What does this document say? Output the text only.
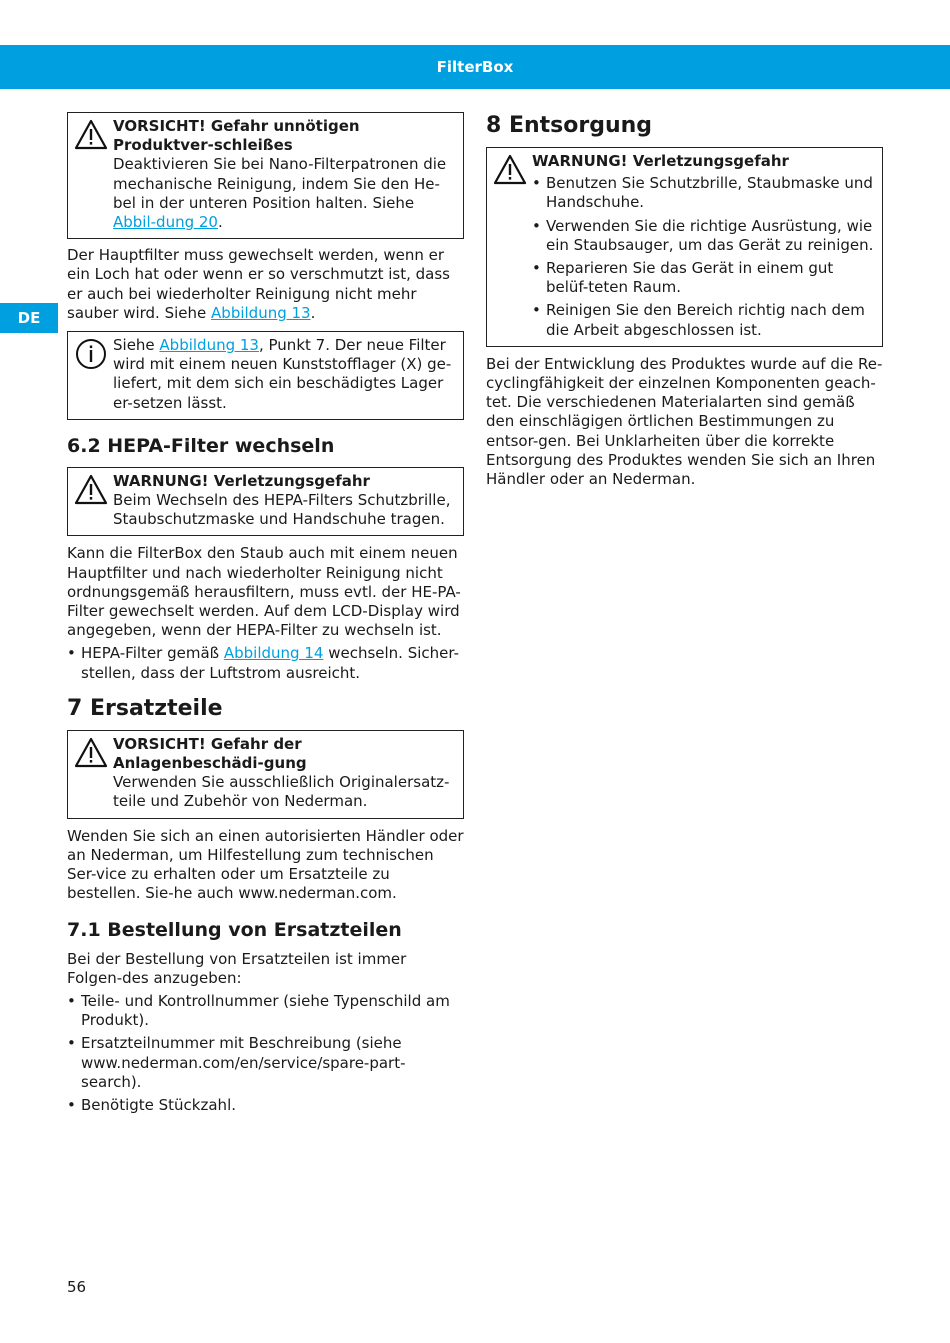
FilterBox
DE

VORSICHT! Gefahr unnötigen Produktver-schleißes

Deaktivieren Sie bei Nano-Filterpatronen die mechanische Reinigung, indem Sie den He-bel in der unteren Position halten. Siehe Abbil-dung 20.

Der Hauptfilter muss gewechselt werden, wenn er ein Loch hat oder wenn er so verschmutzt ist, dass er auch bei wiederholter Reinigung nicht mehr sauber wird. Siehe Abbildung 13.

Siehe Abbildung 13, Punkt 7. Der neue Filter wird mit einem neuen Kunststofflager (X) ge-liefert, mit dem sich ein beschädigtes Lager er-setzen lässt.

6.2 HEPA-Filter wechseln

WARNUNG! Verletzungsgefahr

Beim Wechseln des HEPA-Filters Schutzbrille, Staubschutzmaske und Handschuhe tragen.

Kann die FilterBox den Staub auch mit einem neuen Hauptfilter und nach wiederholter Reinigung nicht ordnungsgemäß herausfiltern, muss evtl. der HE-PA-Filter gewechselt werden. Auf dem LCD-Display wird angegeben, wenn der HEPA-Filter zu wechseln ist.

• HEPA-Filter gemäß Abbildung 14 wechseln. Sicher-stellen, dass der Luftstrom ausreicht.
7 Ersatzteile

VORSICHT! Gefahr der Anlagenbeschädi-gung

Verwenden Sie ausschließlich Originalersatz-teile und Zubehör von Nederman.

Wenden Sie sich an einen autorisierten Händler oder an Nederman, um Hilfestellung zum technischen Ser-vice zu erhalten oder um Ersatzteile zu bestellen. Sie-he auch www.nederman.com.

7.1 Bestellung von Ersatzteilen

Bei der Bestellung von Ersatzteilen ist immer Folgen-des anzugeben:

• Teile- und Kontrollnummer (siehe Typenschild am Produkt).
• Ersatzteilnummer mit Beschreibung (siehe www.nederman.com/en/service/spare-part-search).
• Benötigte Stückzahl.
8 Entsorgung

WARNUNG! Verletzungsgefahr

• Benutzen Sie Schutzbrille, Staubmaske und Handschuhe.
• Verwenden Sie die richtige Ausrüstung, wie ein Staubsauger, um das Gerät zu reinigen.
• Reparieren Sie das Gerät in einem gut belüf-teten Raum.
• Reinigen Sie den Bereich richtig nach dem die Arbeit abgeschlossen ist.

Bei der Entwicklung des Produktes wurde auf die Re-cyclingfähigkeit der einzelnen Komponenten geach-tet. Die verschiedenen Materialarten sind gemäß den einschlägigen örtlichen Bestimmungen zu entsor-gen. Bei Unklarheiten über die korrekte Entsorgung des Produktes wenden Sie sich an Ihren Händler oder an Nederman.

56
